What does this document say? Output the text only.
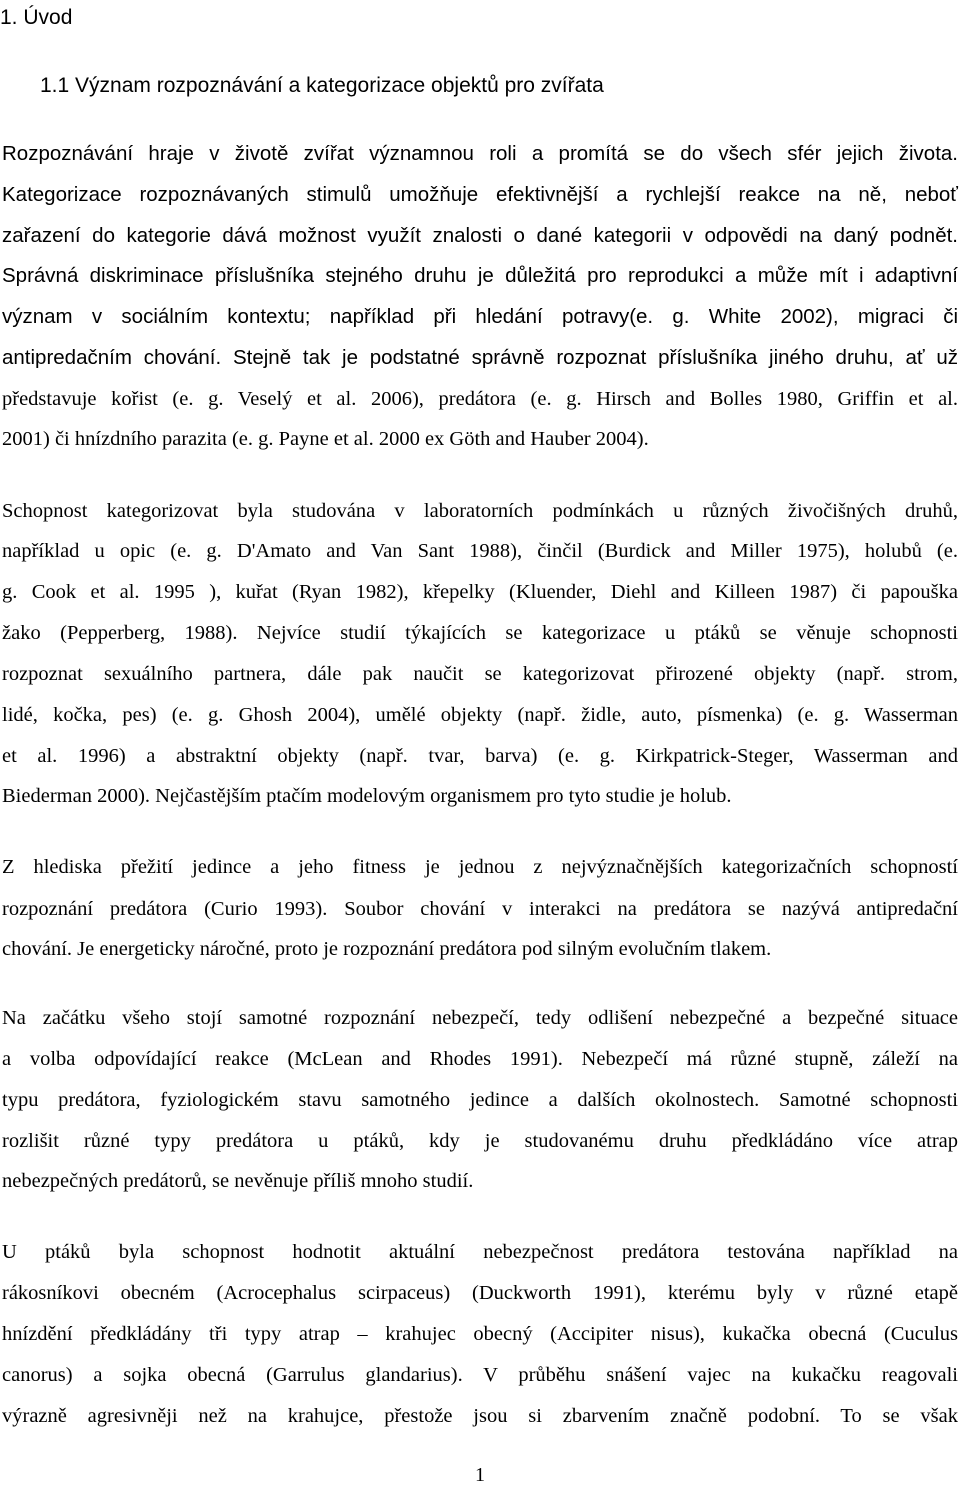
1. Úvod
1.1 Význam rozpoznávání a kategorizace objektů pro zvířata
Rozpoznávání hraje v životě zvířat významnou roli a promítá se do všech sfér jejich života.
Kategorizace rozpoznávaných stimulů umožňuje efektivnější a rychlejší reakce na ně, neboť
zařazení do kategorie dává možnost využít znalosti o dané kategorii v odpovědi na daný podnět.
Správná diskriminace příslušníka stejného druhu je důležitá pro reprodukci a může mít i adaptivní
význam v sociálním kontextu; například při hledání potravy(e. g. White 2002), migraci či
antipredačním chování. Stejně tak je podstatné správně rozpoznat příslušníka jiného druhu, ať už
představuje kořist (e. g. Veselý et al. 2006), predátora (e. g. Hirsch and Bolles 1980, Griffin et al.
2001) či hnízdního parazita (e. g. Payne et al. 2000 ex Göth and Hauber 2004).
Schopnost kategorizovat byla studována v laboratorních podmínkách u různých živočišných druhů,
například u opic (e. g. D'Amato and Van Sant 1988), činčil (Burdick and Miller 1975), holubů (e.
g. Cook et al. 1995 ), kuřat (Ryan 1982), křepelky (Kluender, Diehl and Killeen 1987) či papouška
žako (Pepperberg, 1988). Nejvíce studií týkajících se kategorizace u ptáků se věnuje schopnosti
rozpoznat sexuálního partnera, dále pak naučit se kategorizovat přirozené objekty (např. strom,
lidé, kočka, pes) (e. g. Ghosh 2004), umělé objekty (např. židle, auto, písmenka) (e. g. Wasserman
et al. 1996) a abstraktní objekty (např. tvar, barva) (e. g. Kirkpatrick-Steger, Wasserman and
Biederman 2000). Nejčastějším ptačím modelovým organismem pro tyto studie je holub.
Z hlediska přežití jedince a jeho fitness je jednou z nejvýznačnějších kategorizačních schopností
rozpoznání predátora (Curio 1993). Soubor chování v interakci na predátora se nazývá antipredační
chování. Je energeticky náročné, proto je rozpoznání predátora pod silným evolučním tlakem.
Na začátku všeho stojí samotné rozpoznání nebezpečí, tedy odlišení nebezpečné a bezpečné situace
a volba odpovídající reakce (McLean and Rhodes 1991). Nebezpečí má různé stupně, záleží na
typu predátora, fyziologickém stavu samotného jedince a dalších okolnostech. Samotné schopnosti
rozlišit různé typy predátora u ptáků, kdy je studovanému druhu předkládáno více atrap
nebezpečných predátorů, se nevěnuje příliš mnoho studií.
U ptáků byla schopnost hodnotit aktuální nebezpečnost predátora testována například na
rákosníkovi obecném (Acrocephalus scirpaceus) (Duckworth 1991), kterému byly v různé etapě
hnízdění předkládány tři typy atrap – krahujec obecný (Accipiter nisus), kukačka obecná (Cuculus
canorus) a sojka obecná (Garrulus glandarius). V průběhu snášení vajec na kukačku reagovali
výrazně agresivněji než na krahujce, přestože jsou si zbarvením značně podobní. To se však
1
